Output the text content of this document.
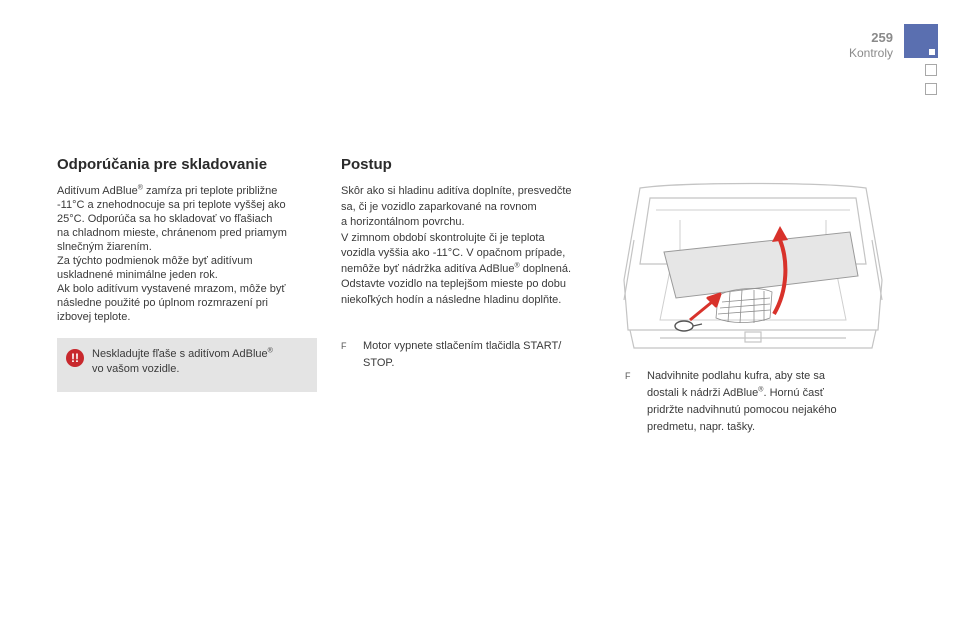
259
Kontroly
Odporúčania pre skladovanie

Aditívum AdBlue® zamŕza pri teplote približne
-11°C a znehodnocuje sa pri teplote vyššej ako
25°C. Odporúča sa ho skladovať vo fľašiach
na chladnom mieste, chránenom pred priamym
slnečným žiarením.
Za týchto podmienok môže byť aditívum
uskladnené minimálne jeden rok.
Ak bolo aditívum vystavené mrazom, môže byť
následne použité po úplnom rozmrazení pri
izbovej teplote.

!!	Neskladujte fľaše s aditívom AdBlue®
vo vašom vozidle.
Postup

Skôr ako si hladinu aditíva doplníte, presvedčte
sa, či je vozidlo zaparkované na rovnom
a horizontálnom povrchu.
V zimnom období skontrolujte či je teplota
vozidla vyššia ako -11°C. V opačnom prípade,
nemôže byť nádržka aditíva AdBlue® doplnená.
Odstavte vozidlo na teplejšom mieste po dobu
niekoľkých hodín a následne hladinu doplňte.

F Motor vypnete stlačením tlačidla START/
STOP.
F Nadvihnite podlahu kufra, aby ste sa
dostali k nádrži AdBlue®. Hornú časť
pridržte nadvihnutú pomocou nejakého
predmetu, napr. tašky.
